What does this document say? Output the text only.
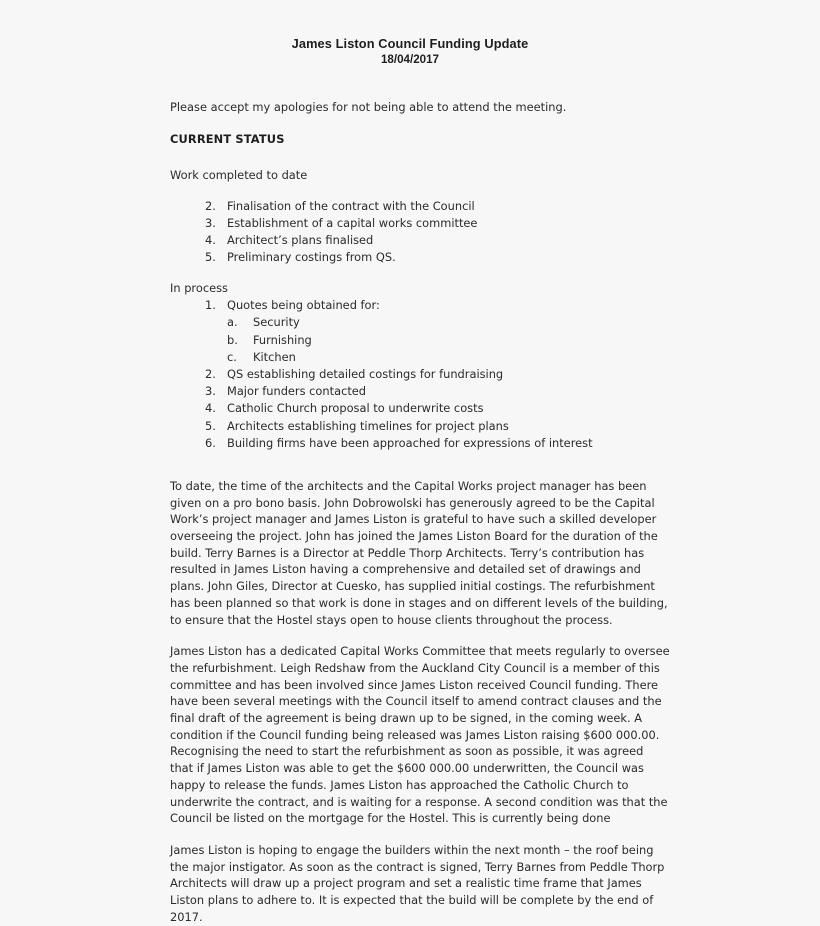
James Liston Council Funding Update
18/04/2017

Please accept my apologies for not being able to attend the meeting.

CURRENT STATUS
Work completed to date
2. Finalisation of the contract with the Council
3. Establishment of a capital works committee
4. Architect’s plans finalised
5. Preliminary costings from QS.
In process
1. Quotes being obtained for:
a.	Security
b.	Furnishing
c.	Kitchen
2. QS establishing detailed costings for fundraising
3. Major funders contacted
4. Catholic Church proposal to underwrite costs
5. Architects establishing timelines for project plans
6. Building firms have been approached for expressions of interest

To date, the time of the architects and the Capital Works project manager has been given on a pro bono basis. John Dobrowolski has generously agreed to be the Capital Work’s project manager and James Liston is grateful to have such a skilled developer overseeing the project. John has joined the James Liston Board for the duration of the build. Terry Barnes is a Director at Peddle Thorp Architects. Terry’s contribution has resulted in James Liston having a comprehensive and detailed set of drawings and plans. John Giles, Director at Cuesko, has supplied initial costings. The refurbishment has been planned so that work is done in stages and on different levels of the building, to ensure that the Hostel stays open to house clients throughout the process.

James Liston has a dedicated Capital Works Committee that meets regularly to oversee the refurbishment. Leigh Redshaw from the Auckland City Council is a member of this committee and has been involved since James Liston received Council funding. There have been several meetings with the Council itself to amend contract clauses and the final draft of the agreement is being drawn up to be signed, in the coming week. A condition if the Council funding being released was James Liston raising $600 000.00. Recognising the need to start the refurbishment as soon as possible, it was agreed that if James Liston was able to get the $600 000.00 underwritten, the Council was happy to release the funds. James Liston has approached the Catholic Church to underwrite the contract, and is waiting for a response. A second condition was that the Council be listed on the mortgage for the Hostel. This is currently being done

James Liston is hoping to engage the builders within the next month – the roof being the major instigator. As soon as the contract is signed, Terry Barnes from Peddle Thorp Architects will draw up a project program and set a realistic time frame that James Liston plans to adhere to. It is expected that the build will be complete by the end of 2017.
